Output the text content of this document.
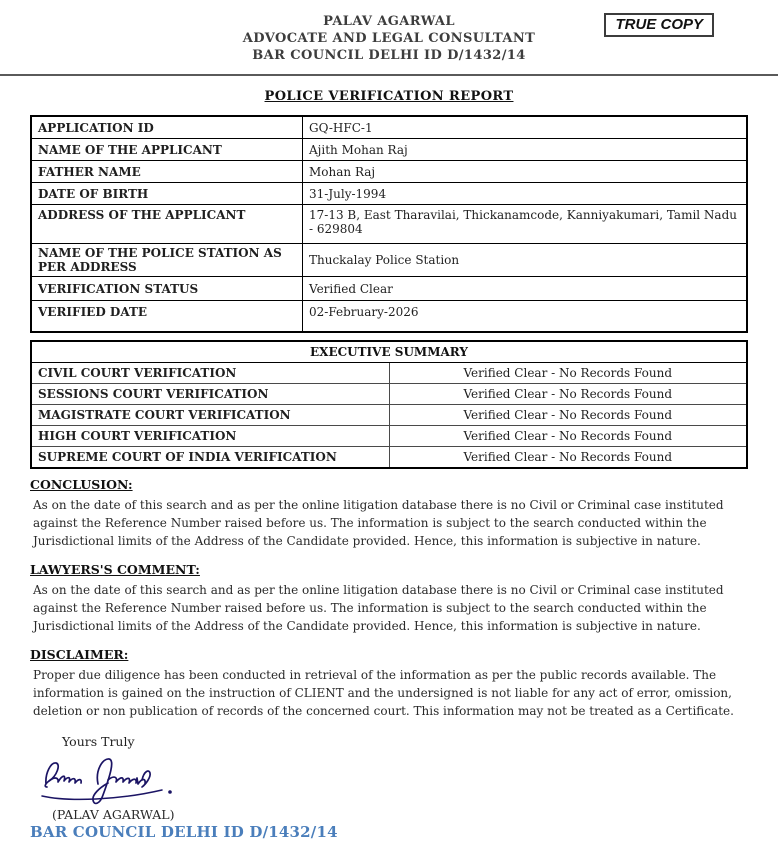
PALAV AGARWAL
ADVOCATE AND LEGAL CONSULTANT
BAR COUNCIL DELHI ID D/1432/14
TRUE COPY
POLICE VERIFICATION REPORT
APPLICATION ID	GQ-HFC-1
NAME OF THE APPLICANT	Ajith Mohan Raj
FATHER NAME	Mohan Raj
DATE OF BIRTH	31-July-1994
ADDRESS OF THE APPLICANT	17-13 B, East Tharavilai, Thickanamcode, Kanniyakumari, Tamil Nadu - 629804
NAME OF THE POLICE STATION AS PER ADDRESS	Thuckalay Police Station
VERIFICATION STATUS	Verified Clear
VERIFIED DATE	02-February-2026
EXECUTIVE SUMMARY	
CIVIL COURT VERIFICATION	Verified Clear - No Records Found
SESSIONS COURT VERIFICATION	Verified Clear - No Records Found
MAGISTRATE COURT VERIFICATION	Verified Clear - No Records Found
HIGH COURT VERIFICATION	Verified Clear - No Records Found
SUPREME COURT OF INDIA VERIFICATION	Verified Clear - No Records Found
CONCLUSION:

As on the date of this search and as per the online litigation database there is no Civil or Criminal case instituted against the Reference Number raised before us. The information is subject to the search conducted within the Jurisdictional limits of the Address of the Candidate provided. Hence, this information is subjective in nature.

LAWYERS'S COMMENT:

As on the date of this search and as per the online litigation database there is no Civil or Criminal case instituted against the Reference Number raised before us. The information is subject to the search conducted within the Jurisdictional limits of the Address of the Candidate provided. Hence, this information is subjective in nature.

DISCLAIMER:

Proper due diligence has been conducted in retrieval of the information as per the public records available. The information is gained on the instruction of CLIENT and the undersigned is not liable for any act of error, omission, deletion or non publication of records of the concerned court. This information may not be treated as a Certificate.

Yours Truly
(PALAV AGARWAL)
BAR COUNCIL DELHI ID D/1432/14
